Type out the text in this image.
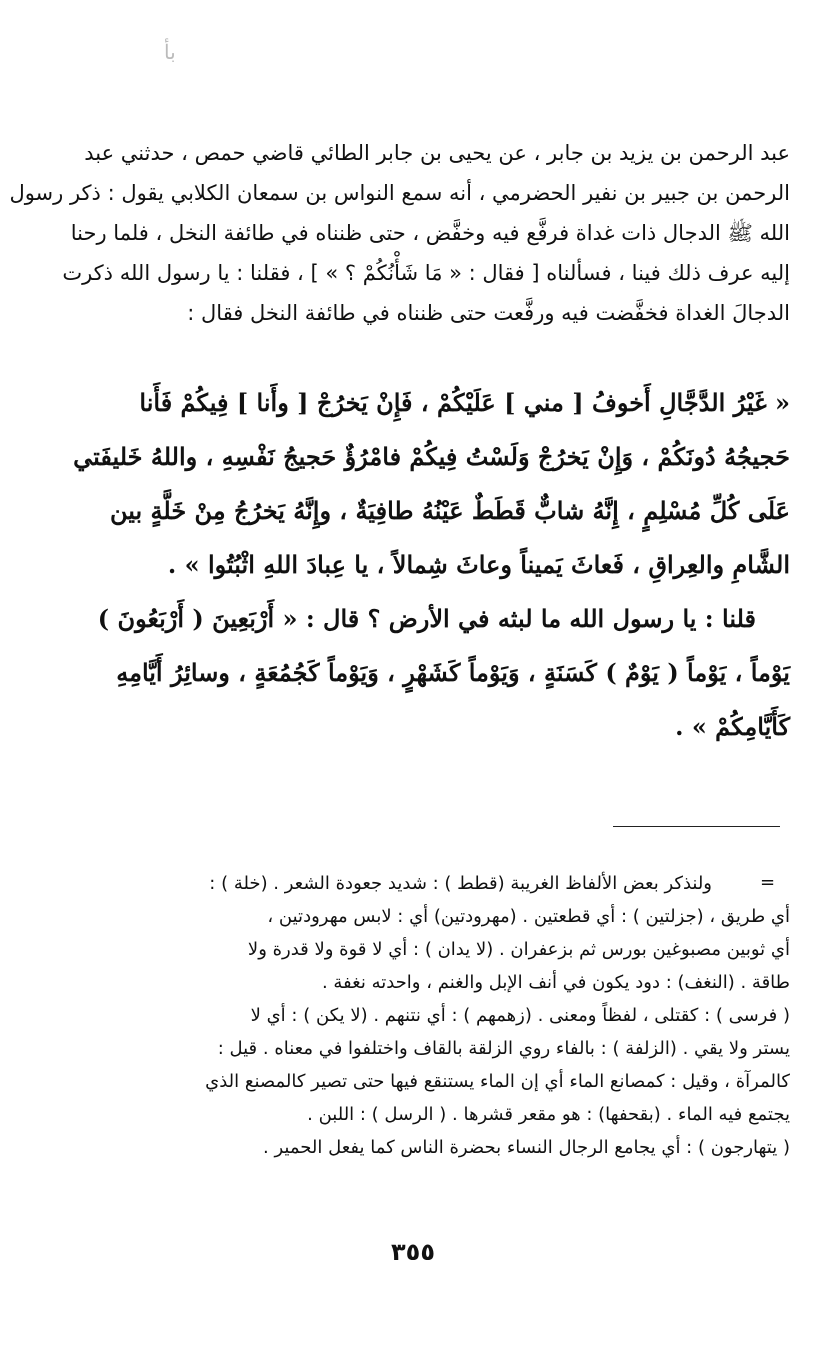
ﺑﺄ
عبد الرحمن بن يزيد بن جابر ، عن يحيى بن جابر الطائي قاضي حمص ، حدثني عبد
الرحمن بن جبير بن نفير الحضرمي ، أنه سمع النواس بن سمعان الكلابي يقول : ذكر رسول
الله ﷺ الدجال ذات غداة فرفَّع فيه وخفَّض ، حتى ظنناه في طائفة النخل ، فلما رحنا
إليه عرف ذلك فينا ، فسألناه [ فقال : « مَا شَأْنُكُمْ ؟ » ] ، فقلنا : يا رسول الله ذكرت
الدجالَ الغداة فخفَّضت فيه ورفَّعت حتى ظنناه في طائفة النخل فقال :
« غَيْرُ الدَّجَّالِ أَخوفُ [ مني ] عَلَيْكُمْ ، فَإِنْ يَخرُجْ [ وأَنا ] فِيكُمْ فَأَنا
حَجيجُهُ دُونَكُمْ ، وَإِنْ يَخرُجْ وَلَسْتُ فِيكُمْ فامْرُؤٌ حَجيجُ نَفْسِهِ ، واللهُ خَليفَتي
عَلَى كُلِّ مُسْلِمٍ ، إِنَّهُ شابٌّ قَطَطٌ عَيْنُهُ طافِيَةٌ ، وإِنَّهُ يَخرُجُ مِنْ خَلَّةٍ بين
الشَّامِ والعِراقِ ، فَعاثَ يَميناً وعاثَ شِمالاً ، يا عِبادَ اللهِ اثْبُتُوا » .
قلنا : يا رسول الله ما لبثه في الأرض ؟ قال : « أَرْبَعِينَ ( أَرْبَعُونَ )
يَوْماً ، يَوْماً ( يَوْمٌ ) كَسَنَةٍ ، وَيَوْماً كَشَهْرٍ ، وَيَوْماً كَجُمُعَةٍ ، وسائِرُ أَيَّامِهِ
كَأَيَّامِكُمْ » .
=
ولنذكر بعض الألفاظ الغريبة (قطط ) : شديد جعودة الشعر . (خلة ) :
أي طريق ، (جزلتين ) : أي قطعتين . (مهرودتين) أي : لابس مهرودتين ،
أي ثوبين مصبوغين بورس ثم بزعفران . (لا يدان ) : أي لا قوة ولا قدرة ولا
طاقة . (النغف) : دود يكون في أنف الإبل والغنم ، واحدته نغفة .
( فرسى ) : كقتلى ، لفظاً ومعنى . (زهمهم ) : أي نتنهم . (لا يكن ) : أي لا
يستر ولا يقي . (الزلفة ) : بالفاء روي الزلقة بالقاف واختلفوا في معناه . قيل :
كالمرآة ، وقيل : كمصانع الماء أي إن الماء يستنقع فيها حتى تصير كالمصنع الذي
يجتمع فيه الماء . (بقحفها) : هو مقعر قشرها . ( الرسل ) : اللبن .
( يتهارجون ) : أي يجامع الرجال النساء بحضرة الناس كما يفعل الحمير .
٣٥٥
